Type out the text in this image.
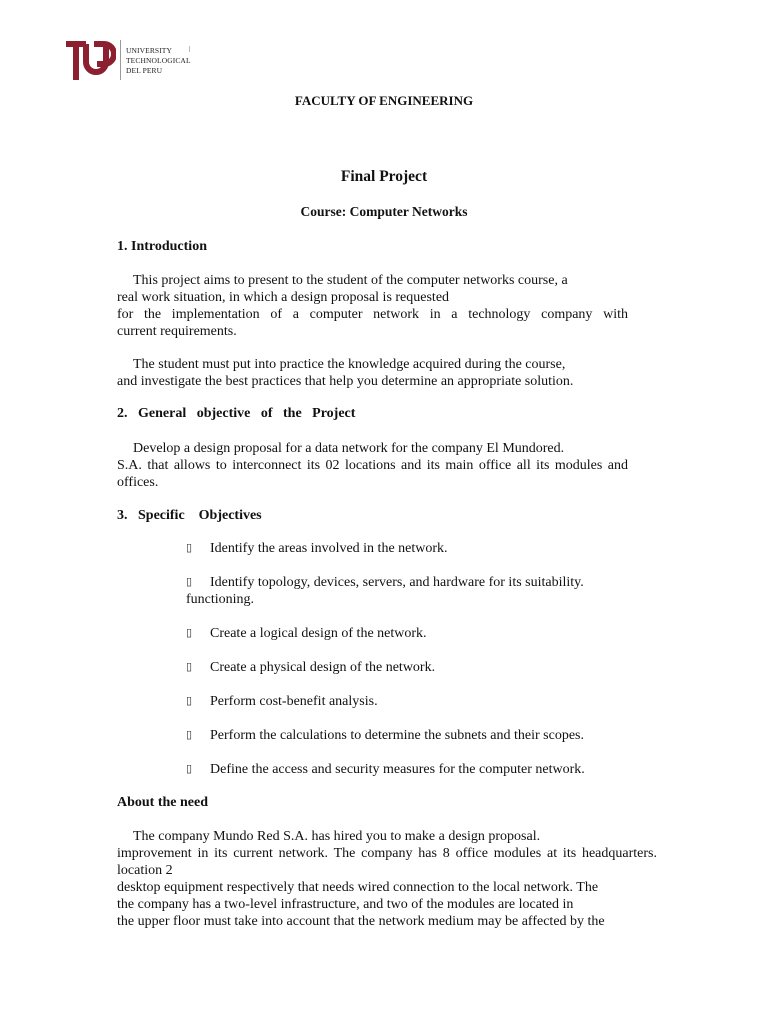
UNIVERSITY
TECHNOLOGICAL
DEL PERU
FACULTY OF ENGINEERING
Final Project
Course: Computer Networks
1. Introduction
This project aims to present to the student of the computer networks course, a
real work situation, in which a design proposal is requested
for the implementation of a computer network in a technology company with
current requirements.
The student must put into practice the knowledge acquired during the course,
and investigate the best practices that help you determine an appropriate solution.
2.   General   objective   of   the   Project
Develop a design proposal for a data network for the company El Mundored.
S.A. that allows to interconnect its 02 locations and its main office all its modules and
offices.
3.   Specific    Objectives
▯ Identify the areas involved in the network.
▯ Identify topology, devices, servers, and hardware for its suitability.
functioning.
▯ Create a logical design of the network.
▯ Create a physical design of the network.
▯ Perform cost-benefit analysis.
▯ Perform the calculations to determine the subnets and their scopes.
▯ Define the access and security measures for the computer network.
About the need
The company Mundo Red S.A. has hired you to make a design proposal.
improvement in its current network. The company has 8 office modules at its headquarters.
location 2
desktop equipment respectively that needs wired connection to the local network. The
the company has a two-level infrastructure, and two of the modules are located in
the upper floor must take into account that the network medium may be affected by the
